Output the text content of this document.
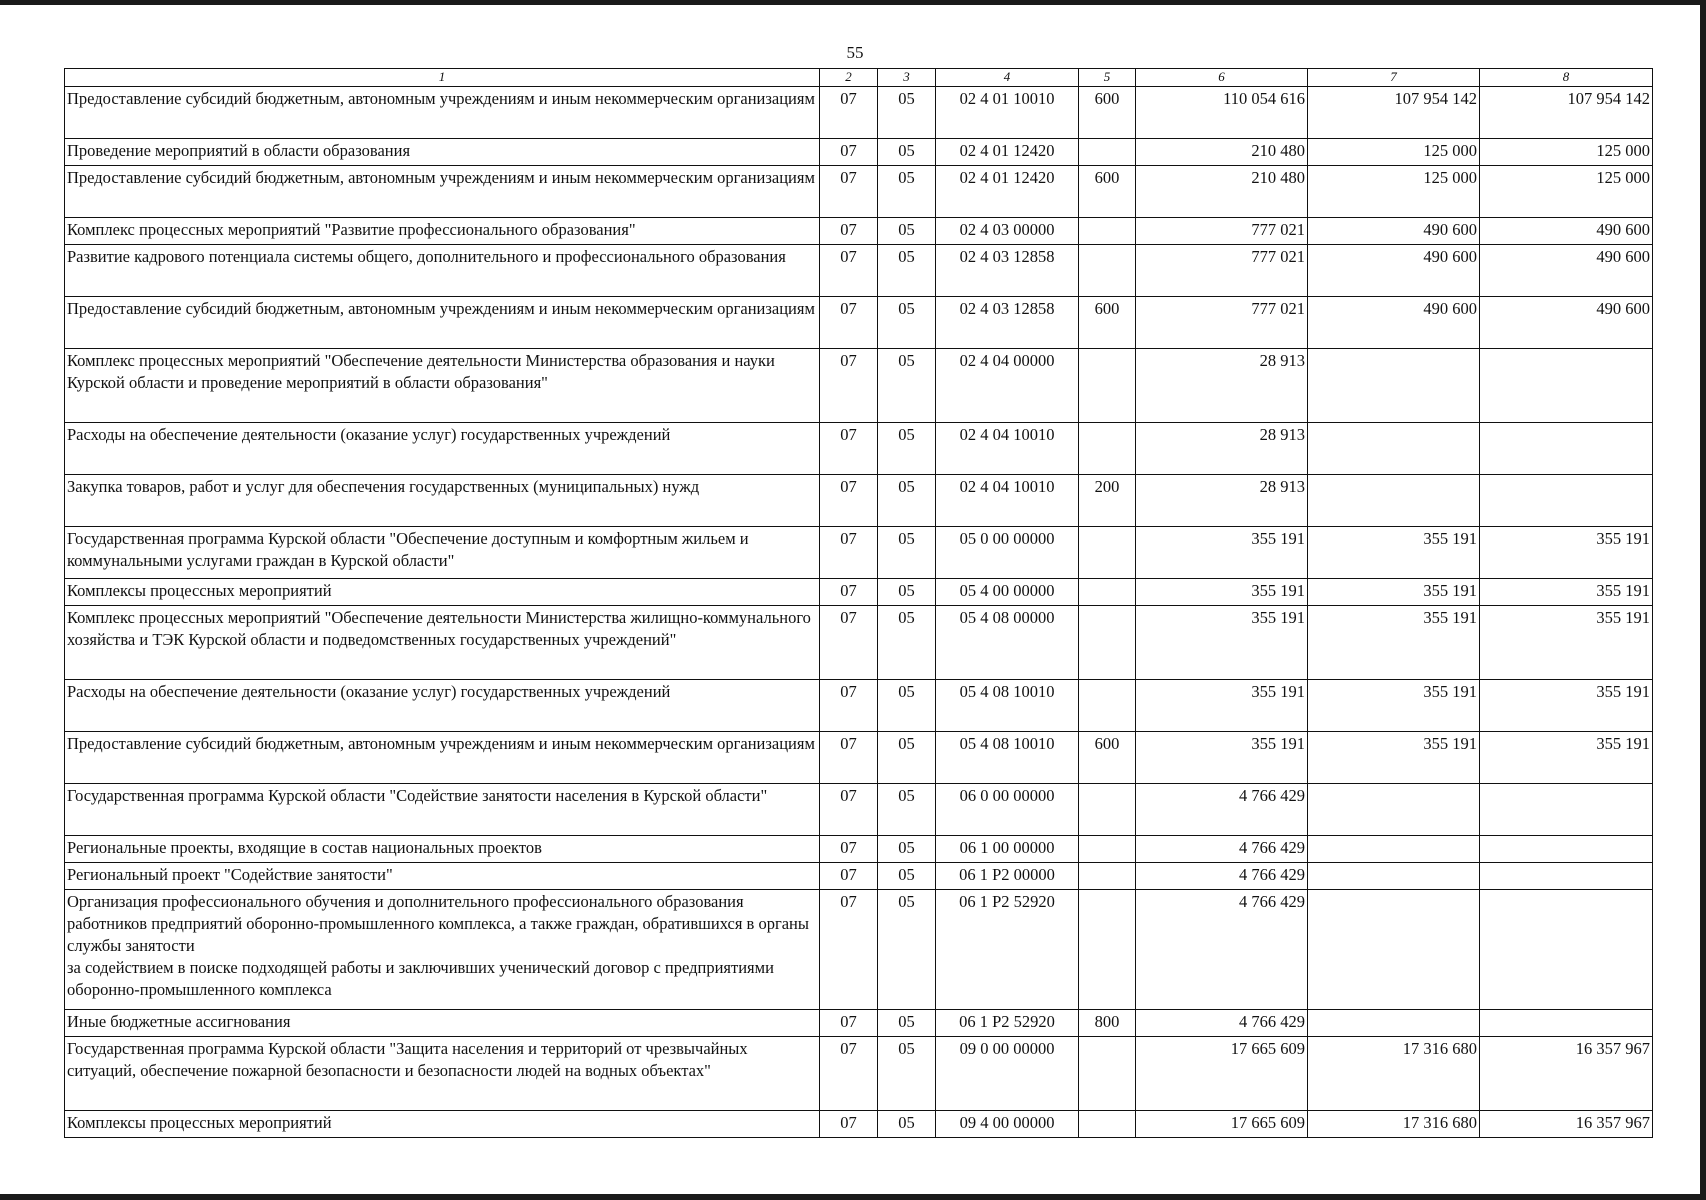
55
1	2	3	4	5	6	7	8
Предоставление субсидий бюджетным, автономным учреждениям и иным некоммерческим организациям	07	05	02 4 01 10010	600	110 054 616	107 954 142	107 954 142
Проведение мероприятий в области образования	07	05	02 4 01 12420		210 480	125 000	125 000
Предоставление субсидий бюджетным, автономным учреждениям и иным некоммерческим организациям	07	05	02 4 01 12420	600	210 480	125 000	125 000
Комплекс процессных мероприятий "Развитие профессионального образования"	07	05	02 4 03 00000		777 021	490 600	490 600
Развитие кадрового потенциала системы общего, дополнительного и профессионального образования	07	05	02 4 03 12858		777 021	490 600	490 600
Предоставление субсидий бюджетным, автономным учреждениям и иным некоммерческим организациям	07	05	02 4 03 12858	600	777 021	490 600	490 600
Комплекс процессных мероприятий "Обеспечение деятельности Министерства образования и науки Курской области и проведение мероприятий в области образования"	07	05	02 4 04 00000		28 913		
Расходы на обеспечение деятельности (оказание услуг) государственных учреждений	07	05	02 4 04 10010		28 913		
Закупка товаров, работ и услуг для обеспечения государственных (муниципальных) нужд	07	05	02 4 04 10010	200	28 913		
Государственная программа Курской области "Обеспечение доступным и комфортным жильем и коммунальными услугами граждан в Курской области"	07	05	05 0 00 00000		355 191	355 191	355 191
Комплексы процессных мероприятий	07	05	05 4 00 00000		355 191	355 191	355 191
Комплекс процессных мероприятий "Обеспечение деятельности Министерства жилищно-коммунального хозяйства и ТЭК Курской области и подведомственных государственных учреждений"	07	05	05 4 08 00000		355 191	355 191	355 191
Расходы на обеспечение деятельности (оказание услуг) государственных учреждений	07	05	05 4 08 10010		355 191	355 191	355 191
Предоставление субсидий бюджетным, автономным учреждениям и иным некоммерческим организациям	07	05	05 4 08 10010	600	355 191	355 191	355 191
Государственная программа Курской области "Содействие занятости населения в Курской области"	07	05	06 0 00 00000		4 766 429		
Региональные проекты, входящие в состав национальных проектов	07	05	06 1 00 00000		4 766 429		
Региональный проект "Содействие занятости"	07	05	06 1 P2 00000		4 766 429		
Организация профессионального обучения и дополнительного профессионального образования работников предприятий оборонно-промышленного комплекса, а также граждан, обратившихся в органы службы занятости
за содействием в поиске подходящей работы и заключивших ученический договор с предприятиями оборонно-промышленного комплекса	07	05	06 1 P2 52920		4 766 429		
Иные бюджетные ассигнования	07	05	06 1 P2 52920	800	4 766 429		
Государственная программа Курской области "Защита населения и территорий от чрезвычайных ситуаций, обеспечение пожарной безопасности и безопасности людей на водных объектах"	07	05	09 0 00 00000		17 665 609	17 316 680	16 357 967
Комплексы процессных мероприятий	07	05	09 4 00 00000		17 665 609	17 316 680	16 357 967
